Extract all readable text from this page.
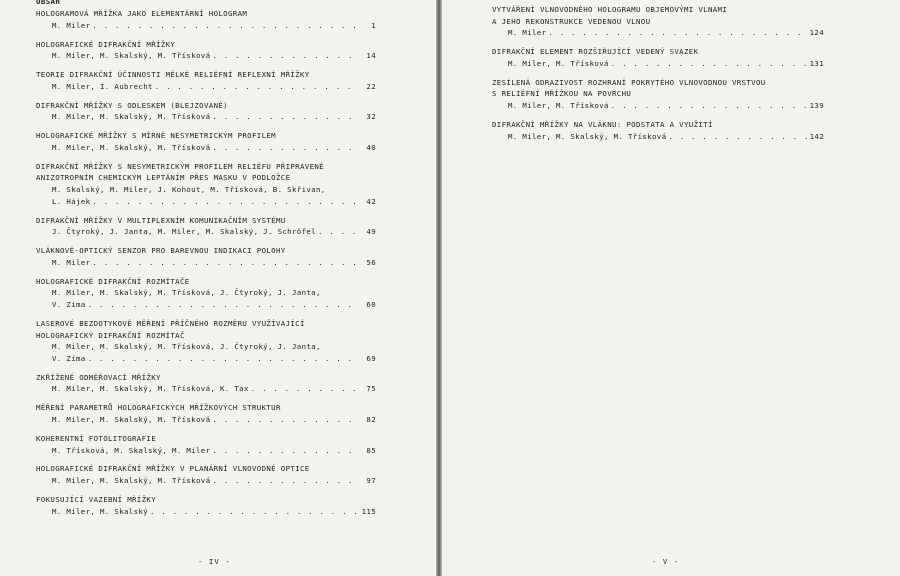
OBSAH
HOLOGRAMOVÁ MŘÍŽKA JAKO ELEMENTÁRNÍ HOLOGRAM
M. Miler . . .	1
HOLOGRAFICKÉ DIFRAKČNÍ MŘÍŽKY
M. Miler, M. Skalský, M. Třísková . . .	14
TEORIE DIFRAKČNÍ ÚČINNOSTI MĚLKÉ RELIÉFNÍ REFLEXNÍ MŘÍŽKY
M. Miler, I. Aubrecht . . .	22
DIFRAKČNÍ MŘÍŽKY S ODLESKEM (BLEJZOVANÉ)
M. Miler, M. Skalský, M. Třísková . . .	32
HOLOGRAFICKÉ MŘÍŽKY S MÍRNĚ NESYMETRICKÝM PROFILEM
M. Miler, M. Skalský, M. Třísková . . .	40
DIFRAKČNÍ MŘÍŽKY S NESYMETRICKÝM PROFILEM RELIÉFU PŘIPRAVENÉ
ANIZOTROPNÍM CHEMICKÝM LEPTÁNÍM PŘES MASKU V PODLOŽCE
M. Skalský, M. Miler, J. Kohout, M. Třísková, B. Skřivan,
L. Hájek . . .	42
DIFRAKČNÍ MŘÍŽKY V MULTIPLEXNÍM KOMUNIKAČNÍM SYSTÉMU
J. Čtyroký, J. Janta, M. Miler, M. Skalský, J. Schröfel . . .	49
VLÁKNOVĚ-OPTICKÝ SENZOR PRO BAREVNOU INDIKACI POLOHY
M. Miler . . .	56
HOLOGRAFICKÉ DIFRAKČNÍ ROZMÍTAČE
M. Miler, M. Skalský, M. Třísková, J. Čtyroký, J. Janta,
V. Zíma . . .	60
LASEROVÉ BEZDOTYKOVÉ MĚŘENÍ PŘÍČNÉHO ROZMĚRU VYUŽÍVAJÍCÍ
HOLOGRAFICKÝ DIFRAKČNÍ ROZMÍTAČ
M. Miler, M. Skalský, M. Třísková, J. Čtyroký, J. Janta,
V. Zíma . . .	69
ZKŘÍŽENÉ ODMĚŘOVACÍ MŘÍŽKY
M. Miler, M. Skalský, M. Třísková, K. Tax . . .	75
MĚŘENÍ PARAMETRŮ HOLOGRAFICKÝCH MŘÍŽKOVÝCH STRUKTUR
M. Miler, M. Skalský, M. Třísková . . .	82
KOHERENTNÍ FOTOLITOGRAFIE
M. Třísková, M. Skalský, M. Miler . . .	85
HOLOGRAFICKÉ DIFRAKČNÍ MŘÍŽKY V PLANÁRNÍ VLNOVODNÉ OPTICE
M. Miler, M. Skalský, M. Třísková . . .	97
FOKUSUJÍCÍ VAZEBNÍ MŘÍŽKY
M. Miler, M. Skalský . . .	115
- IV -
VYTVÁŘENÍ VLNOVODNÉHO HOLOGRAMU OBJEMOVÝMI VLNAMI
A JEHO REKONSTRUKCE VEDENOU VLNOU
M. Miler . . .	124
DIFRAKČNÍ ELEMENT ROZŠIŘUJÍCÍ VEDENÝ SVAZEK
M. Miler, M. Třísková . . .	131
ZESÍLENÁ ODRAZIVOST ROZHRANÍ POKRYTÉHO VLNOVODNOU VRSTVOU
S RELIÉFNÍ MŘÍŽKOU NA POVRCHU
M. Miler, M. Třísková . . .	139
DIFRAKČNÍ MŘÍŽKY NA VLÁKNU: PODSTATA A VYUŽITÍ
M. Miler, M. Skalský, M. Třísková . . .	142
- V -
